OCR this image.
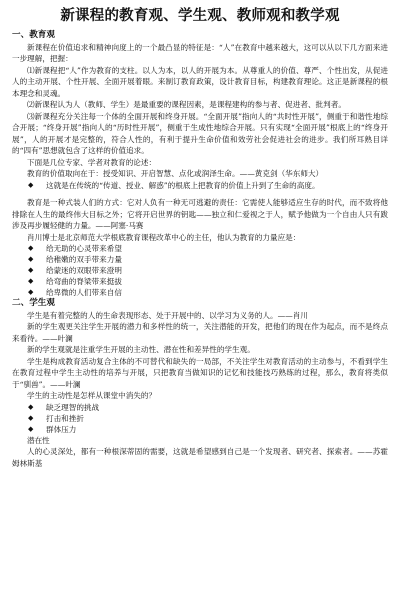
新课程的教育观、学生观、教师观和教学观
一、教育观

新课程在价值追求和精神向度上的一个最凸显的特征是：“人”在教育中越来越大，这可以从以下几方面来进一步理解，把握：

⑴新课程把“人”作为教育的支柱。以人为本，以人的开展为本。从尊重人的价值、尊严、个性出发，从促进人的主动开展、个性开展、全面开展着眼。来制订教育政策，设计教育目标，构建教育理论。这正是新课程的根本理念和灵魂。

⑵新课程认为人（教师、学生）是最重要的课程因素，是课程建构的参与者、促进者、批判者。

⑶新课程充分关注每一个体的全面开展和终身开展。“全面开展”指向人的“共时性开展”，侧重于和谐性地综合开展；“终身开展”指向人的“历时性开展”，侧重于生成性地综合开展。只有实现“全面开展”根底上的“终身开展”，人的开展才是完整的，符合人性的，有利于提升生命价值和效劳社会促进社会的进步。我们所耳熟目详的“四有”思想就包含了这样的价值追求。

下面是几位专家、学者对教育的论述：

教育的价值取向在于：授受知识、开启智慧、点化或润泽生命。——黄克剑（华东师大）

◆ 这就是在传统的“传道、授业、解惑”的根底上把教育的价值上升到了生命的高度。

教育是一种式装人们的方式：它对人负有一种无可逃避的责任：它需使人能够适应生存的时代，而不致将他排除在人生的最终伟大目标之外；它将开启世界的钥匙——独立和仁爱视之于人，赋予他做为一个自由人只有跋涉及再步履轻健的力量。——阿塞·马赛

肖川博士是北京师范大学根底教育课程改革中心的主任，他认为教育的力量应是：

◆ 给无助的心灵带来希望
◆ 给稚嫩的双手带来力量
◆ 给蒙迷的双眼带来澄明
◆ 给弯曲的脊梁带来挺拔
◆ 给卑微的人们带来自信
二、学生观

学生是有着完整的人的生命表现形态、处于开展中的、以学习为义务的人。——肖川

新的学生观更关注学生开展的潜力和多样性的统一，关注潜能的开发，把他们的现在作为起点，而不是终点来看待。——叶澜

新的学生观就是注重学生开展的主动性、潜在性和差异性的学生观。

学生是构成教育活动复合主体的不可替代和缺失的一局部，不关注学生对教育活动的主动参与，不看到学生在教育过程中学生主动性的培养与开展，只把教育当做知识的记忆和技能技巧熟练的过程，那么，教育将类似于“驯兽”。——叶澜

学生的主动性是怎样从课堂中消失的？

◆ 缺乏理智的挑战
◆ 打击和挫折
◆ 群体压力

潜在性

人的心灵深处，都有一种根深蒂固的需要，这就是希望感到自己是一个发现者、研究者、探索者。——苏霍姆林斯基
